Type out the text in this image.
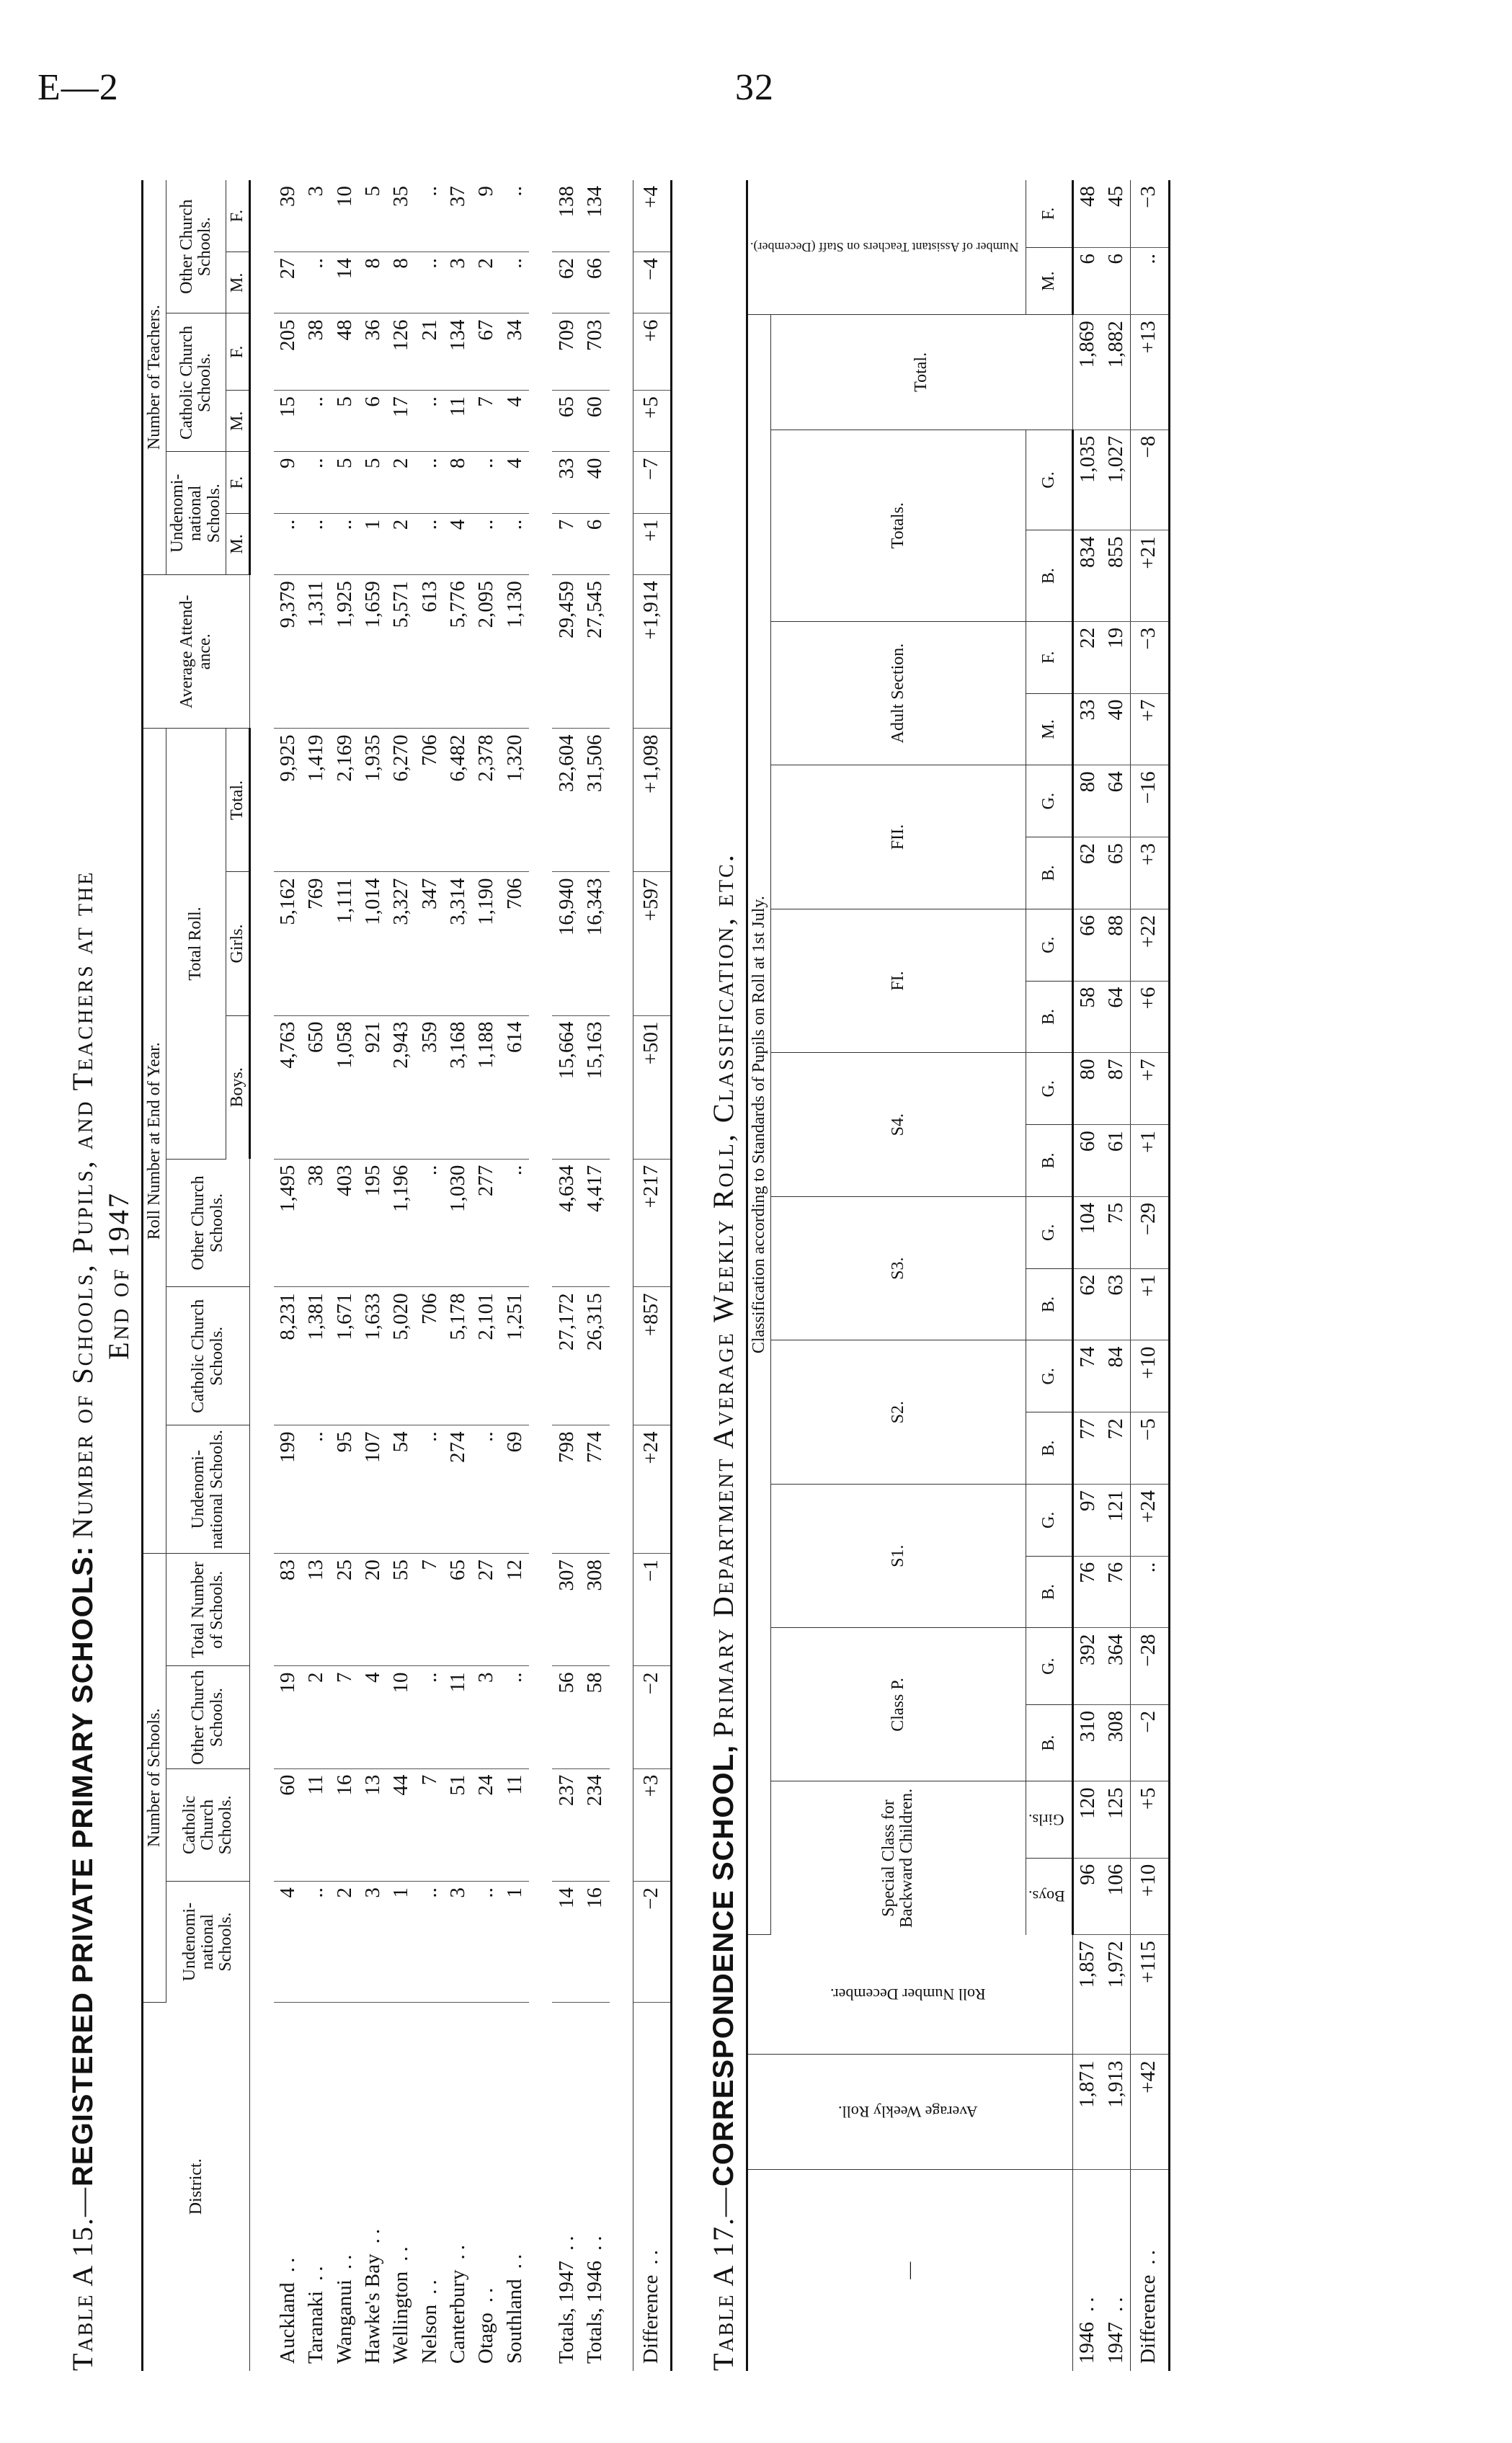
E—2	32
Table A 15.—REGISTERED PRIVATE PRIMARY SCHOOLS: Number of Schools, Pupils, and Teachers at the End of 1947
District.	Number of Schools.				Roll Number at End of Year.						Average Attend-ance.	Number of Teachers.					
	Undenomi-national Schools.	Catholic Church Schools.	Other Church Schools.	Total Number of Schools.	Undenomi-national Schools.	Catholic Church Schools.	Other Church Schools.	Total Roll.				Undenomi-national Schools.		Catholic Church Schools.		Other Church Schools.	
								Boys.	Girls.	Total.		M.	F.	M.	F.	M.	F.

Auckland..	4	60	19	83	199	8,231	1,495	4,763	5,162	9,925	9,379	..	9	15	205	27	39
Taranaki..	..	11	2	13	..	1,381	38	650	769	1,419	1,311	..	..	..	38	..	3
Wanganui..	2	16	7	25	95	1,671	403	1,058	1,111	2,169	1,925	..	5	5	48	14	10
Hawke's Bay..	3	13	4	20	107	1,633	195	921	1,014	1,935	1,659	1	5	6	36	8	5
Wellington..	1	44	10	55	54	5,020	1,196	2,943	3,327	6,270	5,571	2	2	17	126	8	35
Nelson..	..	7	..	7	..	706	..	359	347	706	613	..	..	..	21	..	..
Canterbury..	3	51	11	65	274	5,178	1,030	3,168	3,314	6,482	5,776	4	8	11	134	3	37
Otago..	..	24	3	27	..	2,101	277	1,188	1,190	2,378	2,095	..	..	7	67	2	9
Southland..	1	11	..	12	69	1,251	..	614	706	1,320	1,130	..	4	4	34	..	..

Totals, 1947..	14	237	56	307	798	27,172	4,634	15,664	16,940	32,604	29,459	7	33	65	709	62	138
Totals, 1946..	16	234	58	308	774	26,315	4,417	15,163	16,343	31,506	27,545	6	40	60	703	66	134

Difference..	−2	+3	−2	−1	+24	+857	+217	+501	+597	+1,098	+1,914	+1	−7	+5	+6	−4	+4
Table A 17.—CORRESPONDENCE SCHOOL, Primary Department Average Weekly Roll, Classification, etc.
—	Average Weekly Roll.	Roll Number December.	Classification according to Standards of Pupils on Roll at 1st July.																					Number of Assistant Teachers on Staff (December).	
			Special Class for Backward Children.		Class P.		S1.		S2.		S3.		S4.		FI.		FII.		Adult Section.		Totals.		Total.		
			Boys.	Girls.	B.	G.	B.	G.	B.	G.	B.	G.	B.	G.	B.	G.	B.	G.	M.	F.	B.	G.		M.	F.
1946..	1,871	1,857	96	120	310	392	76	97	77	74	62	104	60	80	58	66	62	80	33	22	834	1,035	1,869	6	48
1947..	1,913	1,972	106	125	308	364	76	121	72	84	63	75	61	87	64	88	65	64	40	19	855	1,027	1,882	6	45
Difference..	+42	+115	+10	+5	−2	−28	..	+24	−5	+10	+1	−29	+1	+7	+6	+22	+3	−16	+7	−3	+21	−8	+13	..	−3
